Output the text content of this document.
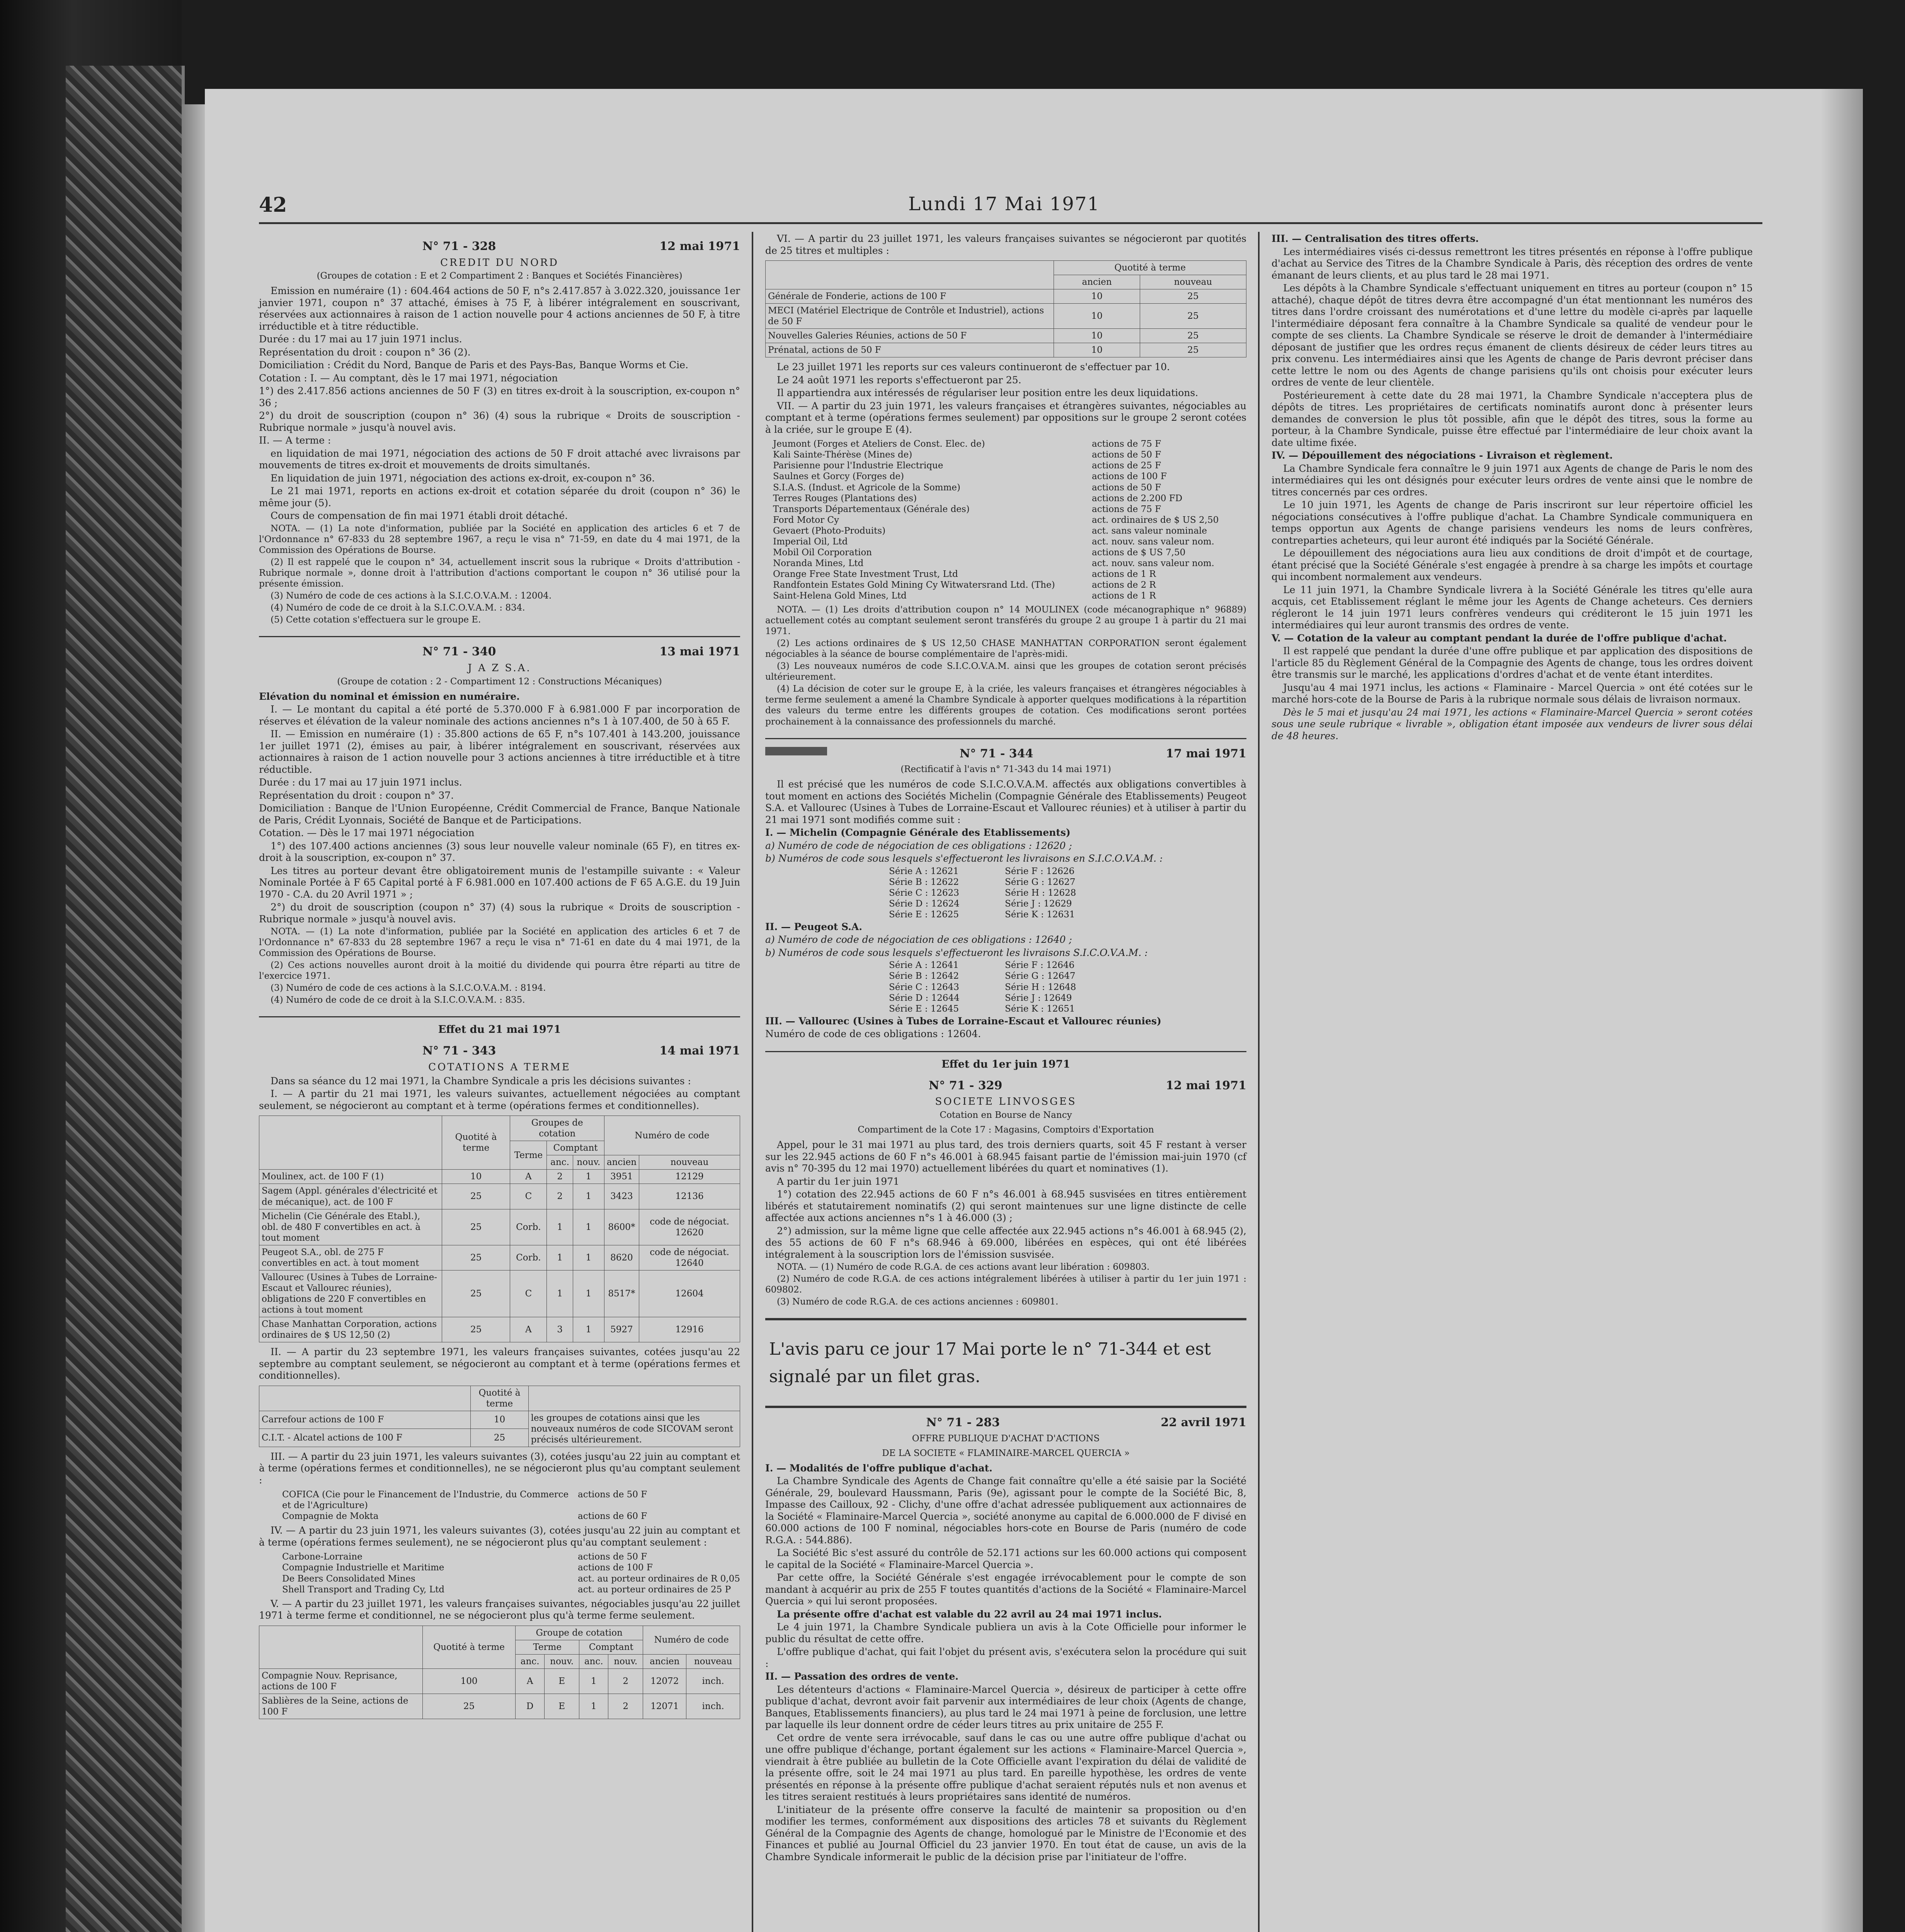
42	Lundi 17 Mai 1971
N° 71 - 328	12 mai 1971
CREDIT DU NORD
(Groupes de cotation : E et 2 Compartiment 2 : Banques et Sociétés Financières)
Emission en numéraire (1) : 604.464 actions de 50 F, n°s 2.417.857 à 3.022.320, jouissance 1er janvier 1971, coupon n° 37 attaché, émises à 75 F, à libérer intégralement en souscrivant, réservées aux actionnaires à raison de 1 action nouvelle pour 4 actions anciennes de 50 F, à titre irréductible et à titre réductible.
Durée : du 17 mai au 17 juin 1971 inclus.
Représentation du droit : coupon n° 36 (2).
Domiciliation : Crédit du Nord, Banque de Paris et des Pays-Bas, Banque Worms et Cie.
Cotation : I. — Au comptant, dès le 17 mai 1971, négociation
1°) des 2.417.856 actions anciennes de 50 F (3) en titres ex-droit à la souscription, ex-coupon n° 36 ;
2°) du droit de souscription (coupon n° 36) (4) sous la rubrique « Droits de souscription - Rubrique normale » jusqu'à nouvel avis.
II. — A terme :
en liquidation de mai 1971, négociation des actions de 50 F droit attaché avec livraisons par mouvements de titres ex-droit et mouvements de droits simultanés.
En liquidation de juin 1971, négociation des actions ex-droit, ex-coupon n° 36.
Le 21 mai 1971, reports en actions ex-droit et cotation séparée du droit (coupon n° 36) le même jour (5).
Cours de compensation de fin mai 1971 établi droit détaché.
NOTA. — (1) La note d'information, publiée par la Société en application des articles 6 et 7 de l'Ordonnance n° 67-833 du 28 septembre 1967, a reçu le visa n° 71-59, en date du 4 mai 1971, de la Commission des Opérations de Bourse.
(2) Il est rappelé que le coupon n° 34, actuellement inscrit sous la rubrique « Droits d'attribution - Rubrique normale », donne droit à l'attribution d'actions comportant le coupon n° 36 utilisé pour la présente émission.
(3) Numéro de code de ces actions à la S.I.C.O.V.A.M. : 12004.
(4) Numéro de code de ce droit à la S.I.C.O.V.A.M. : 834.
(5) Cette cotation s'effectuera sur le groupe E.
N° 71 - 340	13 mai 1971
J A Z S.A.
(Groupe de cotation : 2 - Compartiment 12 : Constructions Mécaniques)
Elévation du nominal et émission en numéraire.
I. — Le montant du capital a été porté de 5.370.000 F à 6.981.000 F par incorporation de réserves et élévation de la valeur nominale des actions anciennes n°s 1 à 107.400, de 50 à 65 F.
II. — Emission en numéraire (1) : 35.800 actions de 65 F, n°s 107.401 à 143.200, jouissance 1er juillet 1971 (2), émises au pair, à libérer intégralement en souscrivant, réservées aux actionnaires à raison de 1 action nouvelle pour 3 actions anciennes à titre irréductible et à titre réductible.
Durée : du 17 mai au 17 juin 1971 inclus.
Représentation du droit : coupon n° 37.
Domiciliation : Banque de l'Union Européenne, Crédit Commercial de France, Banque Nationale de Paris, Crédit Lyonnais, Société de Banque et de Participations.
Cotation. — Dès le 17 mai 1971 négociation
1°) des 107.400 actions anciennes (3) sous leur nouvelle valeur nominale (65 F), en titres ex-droit à la souscription, ex-coupon n° 37.
Les titres au porteur devant être obligatoirement munis de l'estampille suivante : « Valeur Nominale Portée à F 65 Capital porté à F 6.981.000 en 107.400 actions de F 65 A.G.E. du 19 Juin 1970 - C.A. du 20 Avril 1971 » ;
2°) du droit de souscription (coupon n° 37) (4) sous la rubrique « Droits de souscription - Rubrique normale » jusqu'à nouvel avis.
NOTA. — (1) La note d'information, publiée par la Société en application des articles 6 et 7 de l'Ordonnance n° 67-833 du 28 septembre 1967 a reçu le visa n° 71-61 en date du 4 mai 1971, de la Commission des Opérations de Bourse.
(2) Ces actions nouvelles auront droit à la moitié du dividende qui pourra être réparti au titre de l'exercice 1971.
(3) Numéro de code de ces actions à la S.I.C.O.V.A.M. : 8194.
(4) Numéro de code de ce droit à la S.I.C.O.V.A.M. : 835.
Effet du 21 mai 1971
N° 71 - 343	14 mai 1971
COTATIONS A TERME
Dans sa séance du 12 mai 1971, la Chambre Syndicale a pris les décisions suivantes :
I. — A partir du 21 mai 1971, les valeurs suivantes, actuellement négociées au comptant seulement, se négocieront au comptant et à terme (opérations fermes et conditionnelles).
	Quotité à terme	Groupes de cotation			Numéro de code	
		Terme	Comptant			
			anc.	nouv.	ancien	nouveau
Moulinex, act. de 100 F (1)	10	A	2	1	3951	12129
Sagem (Appl. générales d'électricité et de mécanique), act. de 100 F	25	C	2	1	3423	12136
Michelin (Cie Générale des Etabl.), obl. de 480 F convertibles en act. à tout moment	25	Corb.	1	1	8600*	code de négociat. 12620
Peugeot S.A., obl. de 275 F convertibles en act. à tout moment	25	Corb.	1	1	8620	code de négociat. 12640
Vallourec (Usines à Tubes de Lorraine-Escaut et Vallourec réunies), obligations de 220 F convertibles en actions à tout moment	25	C	1	1	8517*	12604
Chase Manhattan Corporation, actions ordinaires de $ US 12,50 (2)	25	A	3	1	5927	12916
II. — A partir du 23 septembre 1971, les valeurs françaises suivantes, cotées jusqu'au 22 septembre au comptant seulement, se négocieront au comptant et à terme (opérations fermes et conditionnelles).
	Quotité à terme	
Carrefour actions de 100 F	10	les groupes de cotations ainsi que les nouveaux numéros de code SICOVAM seront précisés ultérieurement.
C.I.T. - Alcatel actions de 100 F	25	
III. — A partir du 23 juin 1971, les valeurs suivantes (3), cotées jusqu'au 22 juin au comptant et à terme (opérations fermes et conditionnelles), ne se négocieront plus qu'au comptant seulement :
COFICA (Cie pour le Financement de l'Industrie, du Commerce et de l'Agriculture)
actions de 50 F
Compagnie de Mokta	actions de 60 F
IV. — A partir du 23 juin 1971, les valeurs suivantes (3), cotées jusqu'au 22 juin au comptant et à terme (opérations fermes seulement), ne se négocieront plus qu'au comptant seulement :
Carbone-Lorraine	actions de 50 F
Compagnie Industrielle et Maritime	actions de 100 F
De Beers Consolidated Mines	act. au porteur ordinaires de R 0,05
Shell Transport and Trading Cy, Ltd	act. au porteur ordinaires de 25 P
V. — A partir du 23 juillet 1971, les valeurs françaises suivantes, négociables jusqu'au 22 juillet 1971 à terme ferme et conditionnel, ne se négocieront plus qu'à terme ferme seulement.
	Quotité à terme	Groupe de cotation				Numéro de code	
		Terme		Comptant			
		anc.	nouv.	anc.	nouv.	ancien	nouveau
Compagnie Nouv. Reprisance, actions de 100 F	100	A	E	1	2	12072	inch.
Sablières de la Seine, actions de 100 F	25	D	E	1	2	12071	inch.
VI. — A partir du 23 juillet 1971, les valeurs françaises suivantes se négocieront par quotités de 25 titres et multiples :
	Quotité à terme	
	ancien	nouveau
Générale de Fonderie, actions de 100 F	10	25
MECI (Matériel Electrique de Contrôle et Industriel), actions de 50 F	10	25
Nouvelles Galeries Réunies, actions de 50 F	10	25
Prénatal, actions de 50 F	10	25
Le 23 juillet 1971 les reports sur ces valeurs continueront de s'effectuer par 10.
Le 24 août 1971 les reports s'effectueront par 25.
Il appartiendra aux intéressés de régulariser leur position entre les deux liquidations.
VII. — A partir du 23 juin 1971, les valeurs françaises et étrangères suivantes, négociables au comptant et à terme (opérations fermes seulement) par oppositions sur le groupe 2 seront cotées à la criée, sur le groupe E (4).
Jeumont (Forges et Ateliers de Const. Elec. de)	actions de 75 F
Kali Sainte-Thérèse (Mines de)	actions de 50 F
Parisienne pour l'Industrie Electrique	actions de 25 F
Saulnes et Gorcy (Forges de)	actions de 100 F
S.I.A.S. (Indust. et Agricole de la Somme)	actions de 50 F
Terres Rouges (Plantations des)	actions de 2.200 FD
Transports Départementaux (Générale des)	actions de 75 F
Ford Motor Cy	act. ordinaires de $ US 2,50
Gevaert (Photo-Produits)	act. sans valeur nominale
Imperial Oil, Ltd	act. nouv. sans valeur nom.
Mobil Oil Corporation	actions de $ US 7,50
Noranda Mines, Ltd	act. nouv. sans valeur nom.
Orange Free State Investment Trust, Ltd	actions de 1 R
Randfontein Estates Gold Mining Cy Witwatersrand Ltd. (The)	actions de 2 R
Saint-Helena Gold Mines, Ltd	actions de 1 R
NOTA. — (1) Les droits d'attribution coupon n° 14 MOULINEX (code mécanographique n° 96889) actuellement cotés au comptant seulement seront transférés du groupe 2 au groupe 1 à partir du 21 mai 1971.
(2) Les actions ordinaires de $ US 12,50 CHASE MANHATTAN CORPORATION seront également négociables à la séance de bourse complémentaire de l'après-midi.
(3) Les nouveaux numéros de code S.I.C.O.V.A.M. ainsi que les groupes de cotation seront précisés ultérieurement.
(4) La décision de coter sur le groupe E, à la criée, les valeurs françaises et étrangères négociables à terme ferme seulement a amené la Chambre Syndicale à apporter quelques modifications à la répartition des valeurs du terme entre les différents groupes de cotation. Ces modifications seront portées prochainement à la connaissance des professionnels du marché.
N° 71 - 344	17 mai 1971
(Rectificatif à l'avis n° 71-343 du 14 mai 1971)
Il est précisé que les numéros de code S.I.C.O.V.A.M. affectés aux obligations convertibles à tout moment en actions des Sociétés Michelin (Compagnie Générale des Etablissements) Peugeot S.A. et Vallourec (Usines à Tubes de Lorraine-Escaut et Vallourec réunies) et à utiliser à partir du 21 mai 1971 sont modifiés comme suit :
I. — Michelin (Compagnie Générale des Etablissements)
a) Numéro de code de négociation de ces obligations : 12620 ;
b) Numéros de code sous lesquels s'effectueront les livraisons en S.I.C.O.V.A.M. :
Série A : 12621	Série F : 12626
Série B : 12622	Série G : 12627
Série C : 12623	Série H : 12628
Série D : 12624	Série J : 12629
Série E : 12625	Série K : 12631
II. — Peugeot S.A.
a) Numéro de code de négociation de ces obligations : 12640 ;
b) Numéros de code sous lesquels s'effectueront les livraisons S.I.C.O.V.A.M. :
Série A : 12641	Série F : 12646
Série B : 12642	Série G : 12647
Série C : 12643	Série H : 12648
Série D : 12644	Série J : 12649
Série E : 12645	Série K : 12651
III. — Vallourec (Usines à Tubes de Lorraine-Escaut et Vallourec réunies)
Numéro de code de ces obligations : 12604.
Effet du 1er juin 1971
N° 71 - 329	12 mai 1971
SOCIETE LINVOSGES
Cotation en Bourse de Nancy
Compartiment de la Cote 17 : Magasins, Comptoirs d'Exportation
Appel, pour le 31 mai 1971 au plus tard, des trois derniers quarts, soit 45 F restant à verser sur les 22.945 actions de 60 F n°s 46.001 à 68.945 faisant partie de l'émission mai-juin 1970 (cf avis n° 70-395 du 12 mai 1970) actuellement libérées du quart et nominatives (1).
A partir du 1er juin 1971
1°) cotation des 22.945 actions de 60 F n°s 46.001 à 68.945 susvisées en titres entièrement libérés et statutairement nominatifs (2) qui seront maintenues sur une ligne distincte de celle affectée aux actions anciennes n°s 1 à 46.000 (3) ;
2°) admission, sur la même ligne que celle affectée aux 22.945 actions n°s 46.001 à 68.945 (2), des 55 actions de 60 F n°s 68.946 à 69.000, libérées en espèces, qui ont été libérées intégralement à la souscription lors de l'émission susvisée.
NOTA. — (1) Numéro de code R.G.A. de ces actions avant leur libération : 609803.
(2) Numéro de code R.G.A. de ces actions intégralement libérées à utiliser à partir du 1er juin 1971 : 609802.
(3) Numéro de code R.G.A. de ces actions anciennes : 609801.
L'avis paru ce jour 17 Mai porte le n° 71-344 et est signalé par un filet gras.
N° 71 - 283	22 avril 1971
OFFRE PUBLIQUE D'ACHAT D'ACTIONS
DE LA SOCIETE « FLAMINAIRE-MARCEL QUERCIA »
I. — Modalités de l'offre publique d'achat.
La Chambre Syndicale des Agents de Change fait connaître qu'elle a été saisie par la Société Générale, 29, boulevard Haussmann, Paris (9e), agissant pour le compte de la Société Bic, 8, Impasse des Cailloux, 92 - Clichy, d'une offre d'achat adressée publiquement aux actionnaires de la Société « Flaminaire-Marcel Quercia », société anonyme au capital de 6.000.000 de F divisé en 60.000 actions de 100 F nominal, négociables hors-cote en Bourse de Paris (numéro de code R.G.A. : 544.886).
La Société Bic s'est assuré du contrôle de 52.171 actions sur les 60.000 actions qui composent le capital de la Société « Flaminaire-Marcel Quercia ».
Par cette offre, la Société Générale s'est engagée irrévocablement pour le compte de son mandant à acquérir au prix de 255 F toutes quantités d'actions de la Société « Flaminaire-Marcel Quercia » qui lui seront proposées.
La présente offre d'achat est valable du 22 avril au 24 mai 1971 inclus.
Le 4 juin 1971, la Chambre Syndicale publiera un avis à la Cote Officielle pour informer le public du résultat de cette offre.
L'offre publique d'achat, qui fait l'objet du présent avis, s'exécutera selon la procédure qui suit :
II. — Passation des ordres de vente.
Les détenteurs d'actions « Flaminaire-Marcel Quercia », désireux de participer à cette offre publique d'achat, devront avoir fait parvenir aux intermédiaires de leur choix (Agents de change, Banques, Etablissements financiers), au plus tard le 24 mai 1971 à peine de forclusion, une lettre par laquelle ils leur donnent ordre de céder leurs titres au prix unitaire de 255 F.
Cet ordre de vente sera irrévocable, sauf dans le cas ou une autre offre publique d'achat ou une offre publique d'échange, portant également sur les actions « Flaminaire-Marcel Quercia », viendrait à être publiée au bulletin de la Cote Officielle avant l'expiration du délai de validité de la présente offre, soit le 24 mai 1971 au plus tard. En pareille hypothèse, les ordres de vente présentés en réponse à la présente offre publique d'achat seraient réputés nuls et non avenus et les titres seraient restitués à leurs propriétaires sans identité de numéros.
L'initiateur de la présente offre conserve la faculté de maintenir sa proposition ou d'en modifier les termes, conformément aux dispositions des articles 78 et suivants du Règlement Général de la Compagnie des Agents de change, homologué par le Ministre de l'Economie et des Finances et publié au Journal Officiel du 23 janvier 1970. En tout état de cause, un avis de la Chambre Syndicale informerait le public de la décision prise par l'initiateur de l'offre.
III. — Centralisation des titres offerts.
Les intermédiaires visés ci-dessus remettront les titres présentés en réponse à l'offre publique d'achat au Service des Titres de la Chambre Syndicale à Paris, dès réception des ordres de vente émanant de leurs clients, et au plus tard le 28 mai 1971.
Les dépôts à la Chambre Syndicale s'effectuant uniquement en titres au porteur (coupon n° 15 attaché), chaque dépôt de titres devra être accompagné d'un état mentionnant les numéros des titres dans l'ordre croissant des numérotations et d'une lettre du modèle ci-après par laquelle l'intermédiaire déposant fera connaître à la Chambre Syndicale sa qualité de vendeur pour le compte de ses clients. La Chambre Syndicale se réserve le droit de demander à l'intermédiaire déposant de justifier que les ordres reçus émanent de clients désireux de céder leurs titres au prix convenu. Les intermédiaires ainsi que les Agents de change de Paris devront préciser dans cette lettre le nom ou des Agents de change parisiens qu'ils ont choisis pour exécuter leurs ordres de vente de leur clientèle.
Postérieurement à cette date du 28 mai 1971, la Chambre Syndicale n'acceptera plus de dépôts de titres. Les propriétaires de certificats nominatifs auront donc à présenter leurs demandes de conversion le plus tôt possible, afin que le dépôt des titres, sous la forme au porteur, à la Chambre Syndicale, puisse être effectué par l'intermédiaire de leur choix avant la date ultime fixée.
IV. — Dépouillement des négociations - Livraison et règlement.
La Chambre Syndicale fera connaître le 9 juin 1971 aux Agents de change de Paris le nom des intermédiaires qui les ont désignés pour exécuter leurs ordres de vente ainsi que le nombre de titres concernés par ces ordres.
Le 10 juin 1971, les Agents de change de Paris inscriront sur leur répertoire officiel les négociations consécutives à l'offre publique d'achat. La Chambre Syndicale communiquera en temps opportun aux Agents de change parisiens vendeurs les noms de leurs confrères, contreparties acheteurs, qui leur auront été indiqués par la Société Générale.
Le dépouillement des négociations aura lieu aux conditions de droit d'impôt et de courtage, étant précisé que la Société Générale s'est engagée à prendre à sa charge les impôts et courtage qui incombent normalement aux vendeurs.
Le 11 juin 1971, la Chambre Syndicale livrera à la Société Générale les titres qu'elle aura acquis, cet Etablissement réglant le même jour les Agents de Change acheteurs. Ces derniers régleront le 14 juin 1971 leurs confrères vendeurs qui créditeront le 15 juin 1971 les intermédiaires qui leur auront transmis des ordres de vente.
V. — Cotation de la valeur au comptant pendant la durée de l'offre publique d'achat.
Il est rappelé que pendant la durée d'une offre publique et par application des dispositions de l'article 85 du Règlement Général de la Compagnie des Agents de change, tous les ordres doivent être transmis sur le marché, les applications d'ordres d'achat et de vente étant interdites.
Jusqu'au 4 mai 1971 inclus, les actions « Flaminaire - Marcel Quercia » ont été cotées sur le marché hors-cote de la Bourse de Paris à la rubrique normale sous délais de livraison normaux.
Dès le 5 mai et jusqu'au 24 mai 1971, les actions « Flaminaire-Marcel Quercia » seront cotées sous une seule rubrique « livrable », obligation étant imposée aux vendeurs de livrer sous délai de 48 heures.
